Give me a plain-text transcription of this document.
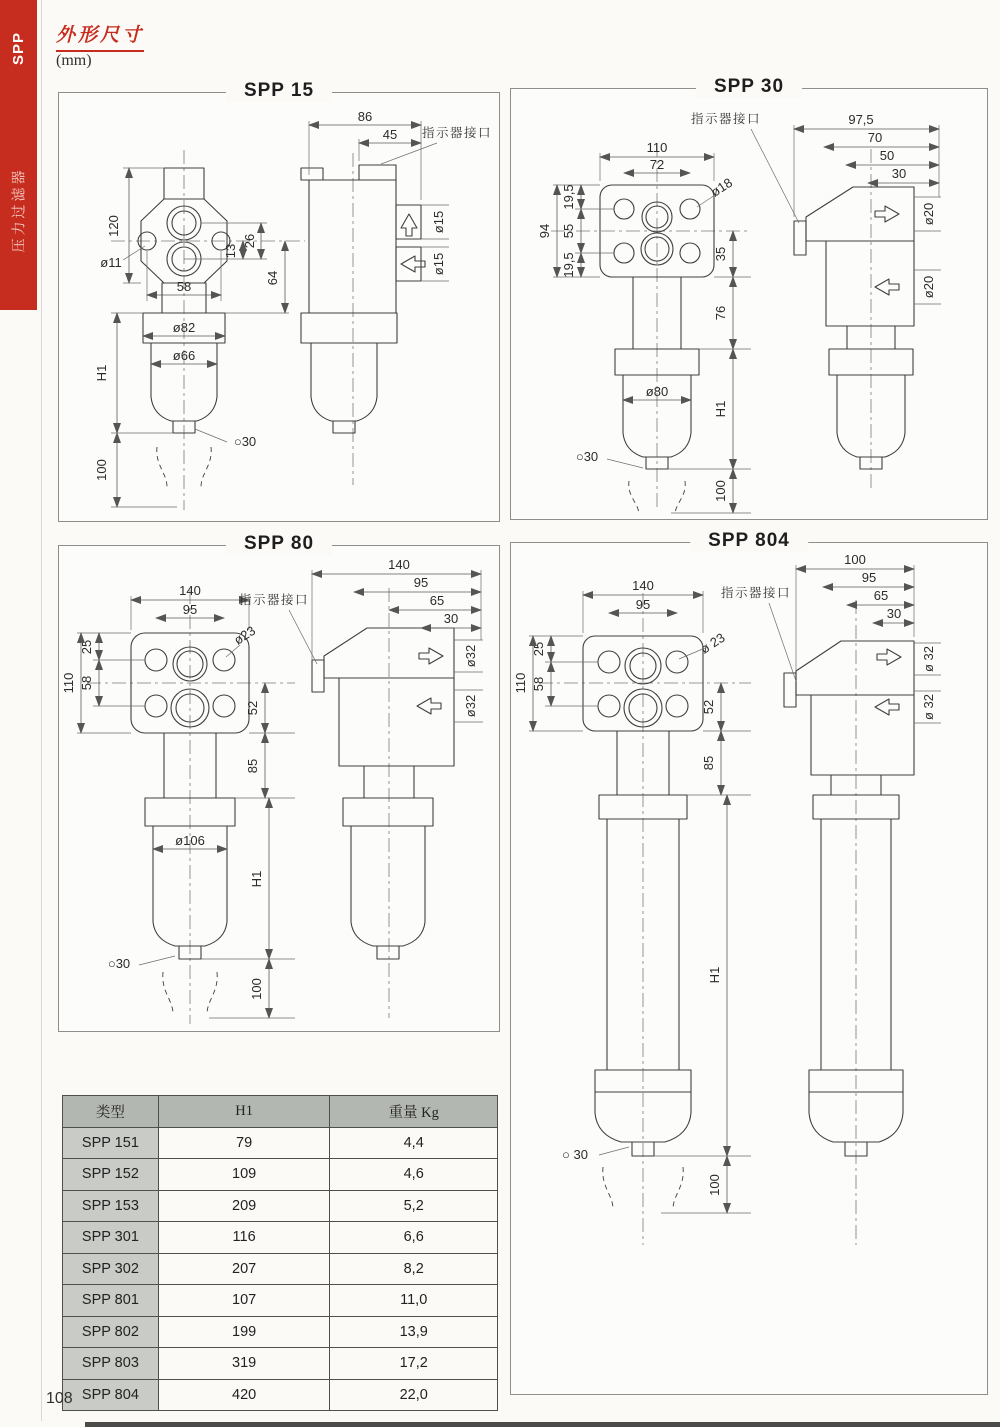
SPP
压力过滤器
外形尺寸
(mm)
SPP 15
120
ø11
58
13
26
64
ø82
ø66
H1
○30
100
86
45 指示器接口
ø15
ø15
SPP 30
110
72
19,5
55
19,5
94
ø18
35
76
ø80
H1
○30
100
97,5
70
50
30
指示器接口
ø20
ø20
SPP 80
140
95
25
58
110
ø23
52
85
ø106
H1
○30
100
140
95
65
30
指示器接口
ø32
ø32
SPP 804
140
95
25
58
110
ø 23
52
85
H1
○ 30
100
100
95
65
30
指示器接口
ø 32
ø 32
类型	H1	重量 Kg
SPP 151	79	4,4
SPP 152	109	4,6
SPP 153	209	5,2
SPP 301	116	6,6
SPP 302	207	8,2
SPP 801	107	11,0
SPP 802	199	13,9
SPP 803	319	17,2
SPP 804	420	22,0
108
